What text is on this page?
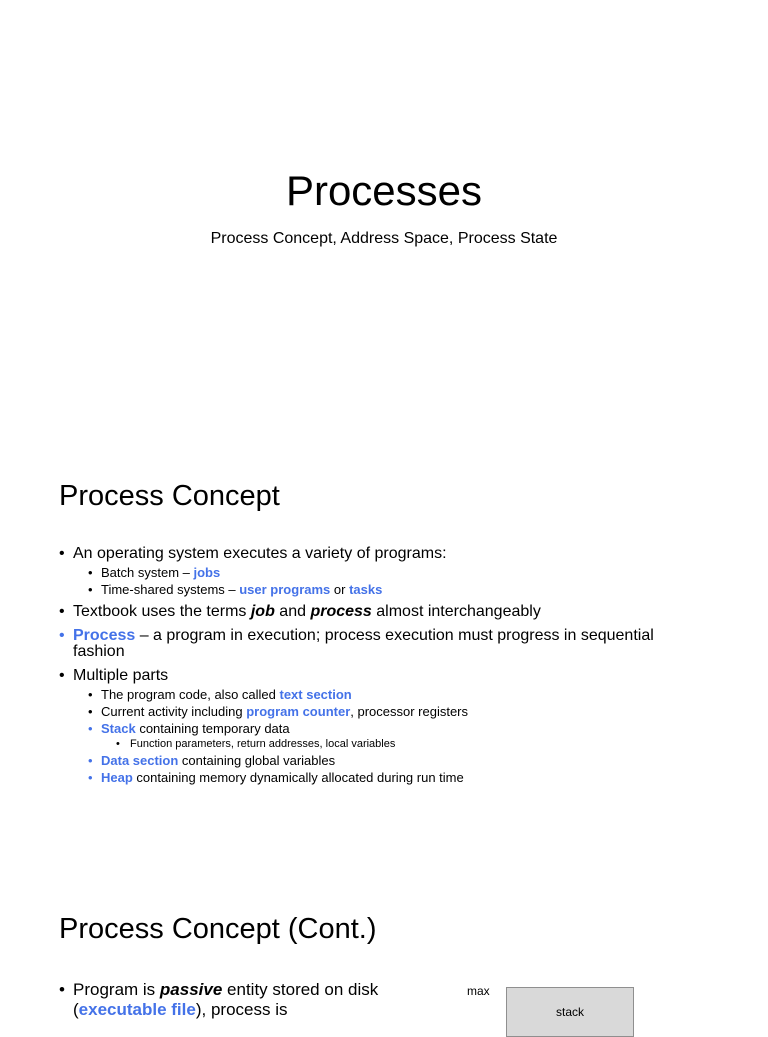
Processes
Process Concept, Address Space, Process State
Process Concept
• An operating system executes a variety of programs:
• Batch system – jobs
• Time-shared systems – user programs or tasks
• Textbook uses the terms job and process almost interchangeably
• Process – a program in execution; process execution must progress in sequential fashion
• Multiple parts
• The program code, also called text section
• Current activity including program counter, processor registers
• Stack containing temporary data
• Function parameters, return addresses, local variables
• Data section containing global variables
• Heap containing memory dynamically allocated during run time
Process Concept (Cont.)
• Program is passive entity stored on disk (executable file), process is
max
stack
